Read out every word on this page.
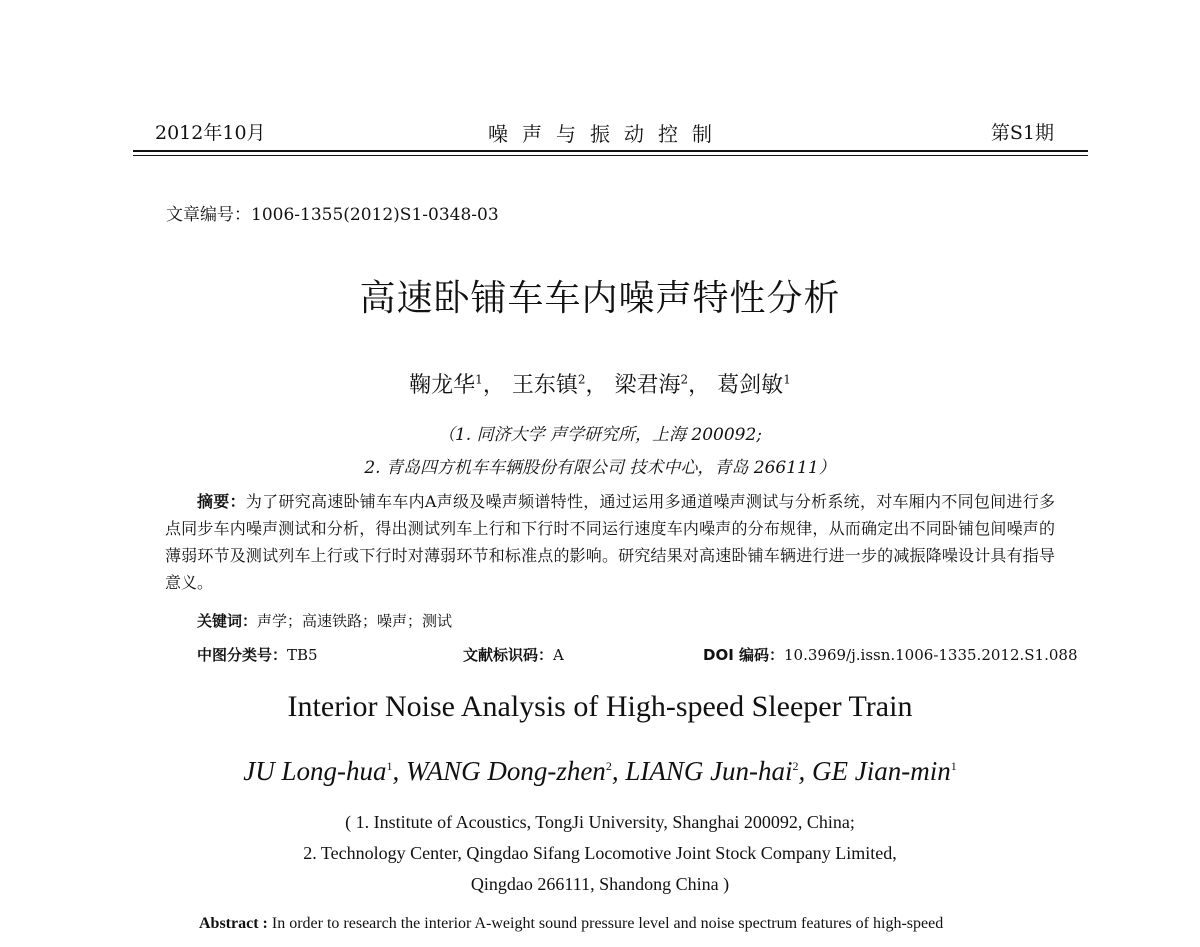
2012年10月	噪声与振动控制	第S1期
文章编号：1006-1355(2012)S1-0348-03
高速卧铺车车内噪声特性分析
鞠龙华$^1$， 王东镇$^2$， 梁君海$^2$， 葛剑敏$^1$
（1. 同济大学 声学研究所，上海 200092;
2. 青岛四方机车车辆股份有限公司 技术中心，青岛 266111）
摘要：为了研究高速卧铺车车内A声级及噪声频谱特性，通过运用多通道噪声测试与分析系统，对车厢内不同包间进行多点同步车内噪声测试和分析，得出测试列车上行和下行时不同运行速度车内噪声的分布规律，从而确定出不同卧铺包间噪声的薄弱环节及测试列车上行或下行时对薄弱环节和标准点的影响。研究结果对高速卧铺车辆进行进一步的减振降噪设计具有指导意义。
关键词：声学；高速铁路；噪声；测试
中图分类号：TB5	文献标识码：A	DOI 编码：10.3969/j.issn.1006-1335.2012.S1.088
Interior Noise Analysis of High-speed Sleeper Train
JU Long-hua$^1$, WANG Dong-zhen$^2$, LIANG Jun-hai$^2$, GE Jian-$\min^1$
( 1. Institute of Acoustics, TongJi University, Shanghai 200092, China;
2. Technology Center, Qingdao Sifang Locomotive Joint Stock Company Limited,
Qingdao 266111, Shandong China )
Abstract : In order to research the interior A-weight sound pressure level and noise spectrum features of high-speed
